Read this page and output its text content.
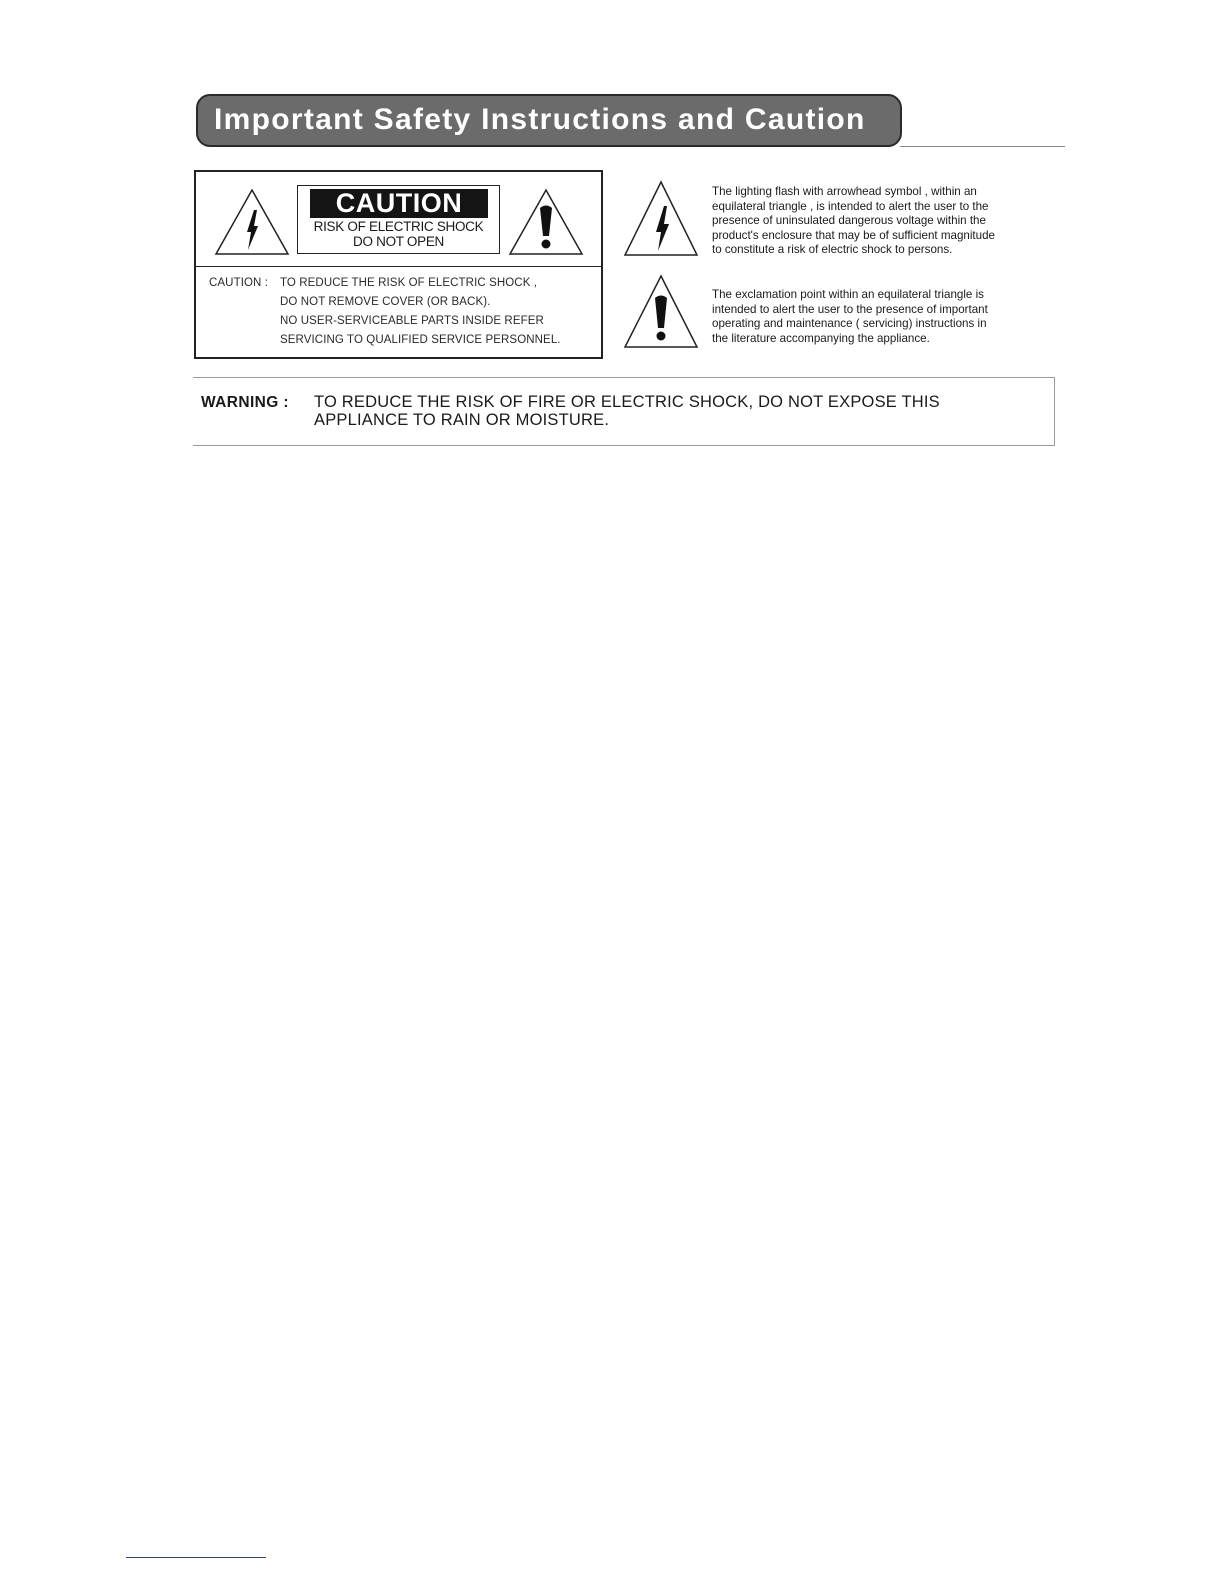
Important Safety Instructions and Caution
CAUTION
RISK OF ELECTRIC SHOCK
DO NOT OPEN
CAUTION : TO REDUCE THE RISK OF ELECTRIC SHOCK ,
DO NOT REMOVE COVER (OR BACK).
NO USER-SERVICEABLE PARTS INSIDE REFER
SERVICING TO QUALIFIED SERVICE PERSONNEL.
The lighting flash with arrowhead symbol , within an
equilateral triangle , is intended to alert the user to the
presence of uninsulated dangerous voltage within the
product's enclosure that may be of sufficient magnitude
to constitute a risk of electric shock to persons.
The exclamation point within an equilateral triangle is
intended to alert the user to the presence of important
operating and maintenance ( servicing) instructions in
the literature accompanying the appliance.
WARNING : TO REDUCE THE RISK OF FIRE OR ELECTRIC SHOCK, DO NOT EXPOSE THIS
APPLIANCE TO RAIN OR MOISTURE.
